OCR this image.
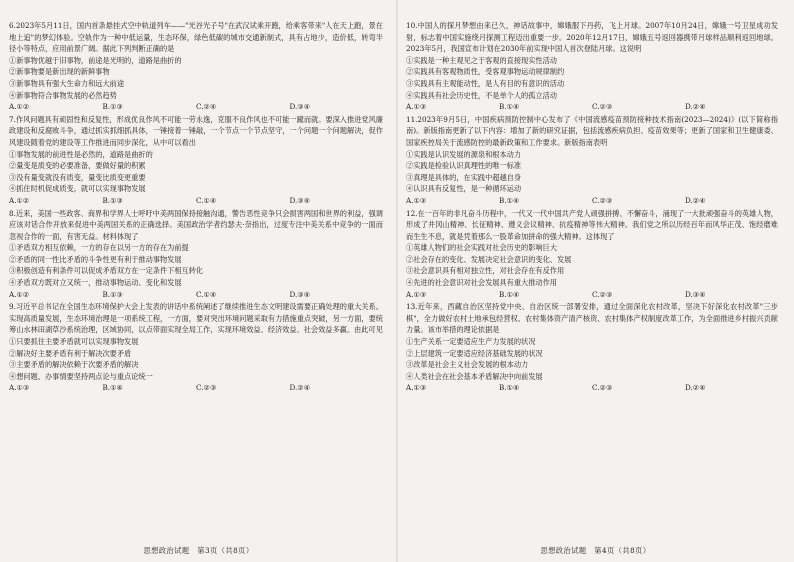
6.2023年5月11日，国内首条悬挂式空中轨道列车——"光谷光子号"在武汉试乘开跑，给乘客带来"人在天上跑，景在地上追"的梦幻体验。空轨作为一种中低运量，生态环保，绿色低碳的城市交通新制式，具有占地少，造价低，转弯半径小等特点，应用前景广阔。据此下列判断正确的是
①新事物优越于旧事物，前途是光明的，道路是曲折的
②新事物要是新出现的新鲜事物
③新事物具有强大生命力和远大前途
④新事物符合事物发展的必然趋势
A.①②	B.①③	C.②④	D.③④
7.作风问题具有顽固性和反复性，形成优良作风不可能一劳永逸，克服不良作风也不可能一蹴而就。要深入推进党风廉政建设和反腐败斗争，通过抓实抓细抓具体，一锤接着一锤敲，一个节点一个节点坚守，一个问题一个问题解决，促作风建设随着党的建设等工作推进而同步深化，从中可以看出
①事物发展的前进性是必然的，道路是曲折的
②量变是质变的必要准备，要做好量的积累
③没有量变就没有质变，量变比质变更重要
④抓住时机促成质变，就可以实现事物发展
A.①②	B.①③	C.①④	D.③④
8.近来，美国一些政客、商界和学界人士呼吁中美两国保持接触沟通，警告恶性竞争只会损害两国和世界的利益，强调应该对话合作开放来促进中美两国关系的正确选择。美国政治学者约瑟夫·奈指出，过度专注中美关系中竞争的一面而忽视合作的一面，有害无益。材料体现了
①矛盾双方相互依赖，一方的存在以另一方的存在为前提
②矛盾的同一性比矛盾的斗争性更有利于推动事物发展
③积极创造有利条件可以促成矛盾双方在一定条件下相互转化
④矛盾双方既对立又统一，推动事物运动、变化和发展
A.①②	B.①③	C.①④	D.③④
9.习近平总书记在全国生态环境保护大会上发表的讲话中系统阐述了继续推进生态文明建设需要正确处理的重大关系。实现高质量发展，生态环境治理是一项系统工程，一方面，要对突出环境问题采取有力措施重点突破，另一方面，要统筹山水林田湖草沙系统治理，区域协同，以点带面实现全局工作，实现环境效益、经济效益、社会效益多赢。由此可见
①只要抓住主要矛盾就可以实现事物发展
②解决好主要矛盾有利于解决次要矛盾
③主要矛盾的解决依赖于次要矛盾的解决
④想问题、办事情要坚持两点论与重点论统一
A.①③	B.①④	C.②③	D.②④
思想政治试题　第3页（共8页）
10.中国人的探月梦想由来已久，神话故事中，嫦娥服下丹药，飞上月球。2007年10月24日，嫦娥一号卫星成功发射，标志着中国实施绕月探测工程迈出重要一步。2020年12月17日，嫦娥五号返回器携带月球样品顺利返回地球。2023年5月，我国宣布计划在2030年前实现中国人首次登陆月球。这说明
①实践是一种主观见之于客观的直接现实性活动
②实践具有客观物质性，受客观事物运动规律制约
③实践具有主观能动性，是人有目的有意识的活动
④实践具有社会历史性，不是单个人的孤立活动
A.①③	B.①④	C.②③	D.②④
11.2023年9月5日，中国疾病预防控制中心发布了《中国流感疫苗预防接种技术指南(2023—2024)》(以下简称指南)。新版指南更新了以下内容：增加了新的研究证据，包括流感疾病负担、疫苗效果等；更新了国家和卫生健康委、国家疾控局关于流感防控的最新政策和工作要求。新版指南表明
①实践是认识发展的源泉和根本动力
②实践是检验认识真理性的唯一标准
③真理是具体的，在实践中超越自身
④认识具有反复性，是一种循环运动
A.①③	B.①④	C.②③	D.②④
12.在一百年的非凡奋斗历程中，一代又一代中国共产党人顽强拼搏、不懈奋斗，涌现了一大批顽强奋斗的英雄人物，形成了井冈山精神、长征精神、遵义会议精神、抗疫精神等伟大精神。我们党之所以历经百年而风华正茂、饱经磨难而生生不息，就是凭着那么一股革命加拼命的强大精神。这体现了
①英雄人物们的社会实践对社会历史的影响巨大
②社会存在的变化、发展决定社会意识的变化、发展
③社会意识具有相对独立性，对社会存在有反作用
④先进的社会意识对社会发展具有重大推动作用
A.①③	B.①④	C.②③	D.③④
13.近年来，西藏自治区坚持党中央、自治区统一部署安排，通过全面深化农村改革，坚决下好深化农村改革"三步棋"，全力做好农村土地承包经营权、农村集体资产清产核资、农村集体产权制度改革工作，为全面推进乡村振兴贡献力量。该市举措的理论依据是
①生产关系一定要适应生产力发展的状况
②上层建筑一定要适应经济基础发展的状况
③改革是社会主义社会发展的根本动力
④人类社会在社会基本矛盾解决中向前发展
A.①③	B.①④	C.②③	D.②④
思想政治试题　第4页（共8页）
